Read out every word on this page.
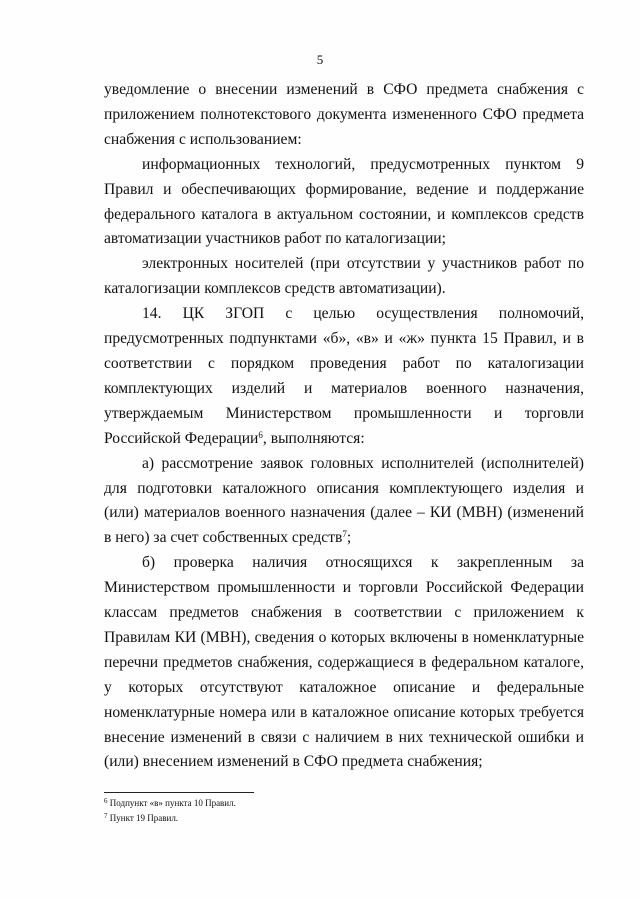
5

уведомление о внесении изменений в СФО предмета снабжения с приложением полнотекстового документа измененного СФО предмета снабжения с использованием:

информационных технологий, предусмотренных пунктом 9 Правил и обеспечивающих формирование, ведение и поддержание федерального каталога в актуальном состоянии, и комплексов средств автоматизации участников работ по каталогизации;

электронных носителей (при отсутствии у участников работ по каталогизации комплексов средств автоматизации).

14. ЦК ЗГОП с целью осуществления полномочий, предусмотренных подпунктами «б», «в» и «ж» пункта 15 Правил, и в соответствии с порядком проведения работ по каталогизации комплектующих изделий и материалов военного назначения, утверждаемым Министерством промышленности и торговли Российской Федерации$^6$, выполняются:

а) рассмотрение заявок головных исполнителей (исполнителей) для подготовки каталожного описания комплектующего изделия и (или) материалов военного назначения (далее – КИ (МВН) (изменений в него) за счет собственных средств$^7$;

б) проверка наличия относящихся к закрепленным за Министерством промышленности и торговли Российской Федерации классам предметов снабжения в соответствии с приложением к Правилам КИ (МВН), сведения о которых включены в номенклатурные перечни предметов снабжения, содержащиеся в федеральном каталоге, у которых отсутствуют каталожное описание и федеральные номенклатурные номера или в каталожное описание которых требуется внесение изменений в связи с наличием в них технической ошибки и (или) внесением изменений в СФО предмета снабжения;

$^6$ Подпункт «в» пункта 10 Правил.
$^7$ Пункт 19 Правил.
